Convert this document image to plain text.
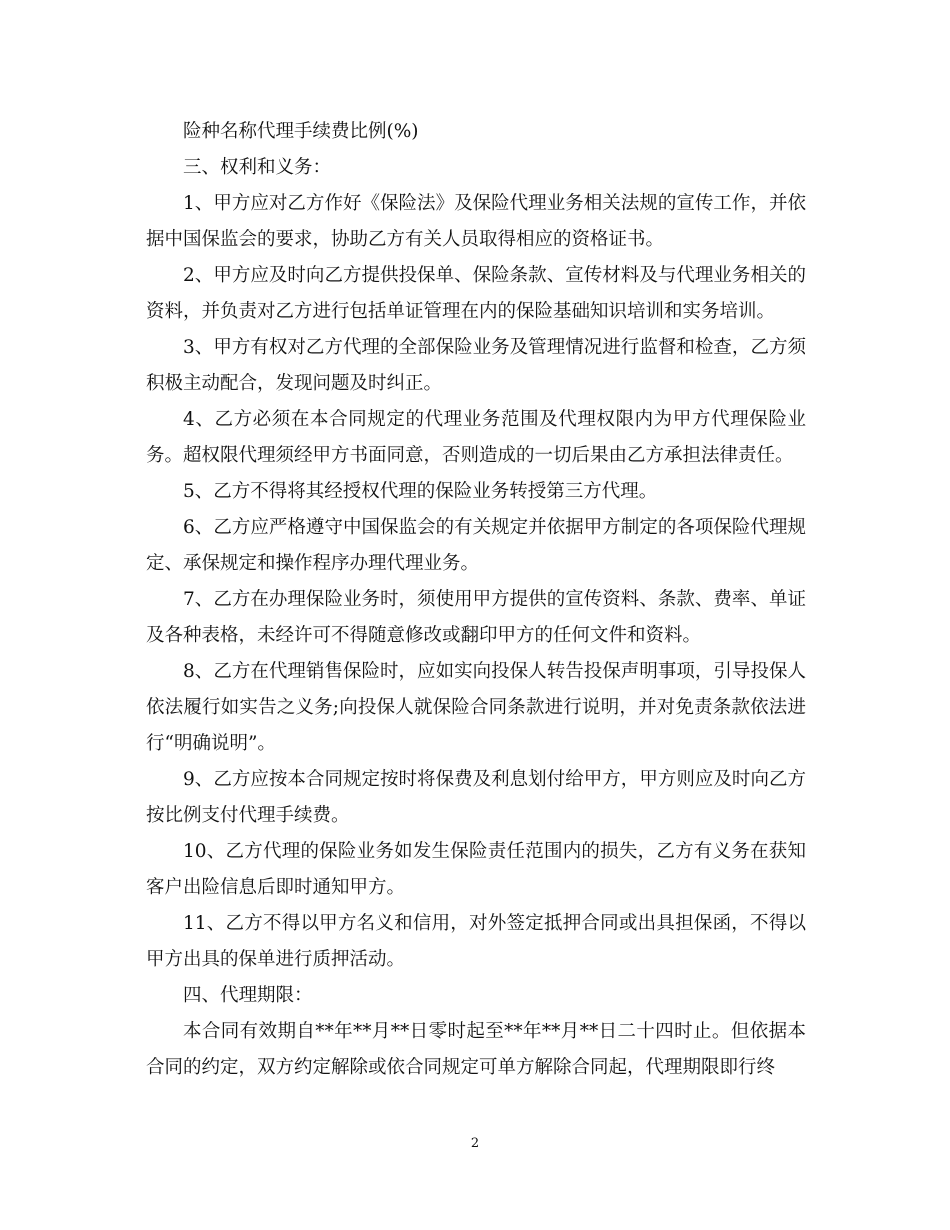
险种名称代理手续费比例(%)

三、权利和义务：

1、甲方应对乙方作好《保险法》及保险代理业务相关法规的宣传工作，并依据中国保监会的要求，协助乙方有关人员取得相应的资格证书。

2、甲方应及时向乙方提供投保单、保险条款、宣传材料及与代理业务相关的资料，并负责对乙方进行包括单证管理在内的保险基础知识培训和实务培训。

3、甲方有权对乙方代理的全部保险业务及管理情况进行监督和检查，乙方须积极主动配合，发现问题及时纠正。

4、乙方必须在本合同规定的代理业务范围及代理权限内为甲方代理保险业务。超权限代理须经甲方书面同意，否则造成的一切后果由乙方承担法律责任。

5、乙方不得将其经授权代理的保险业务转授第三方代理。

6、乙方应严格遵守中国保监会的有关规定并依据甲方制定的各项保险代理规定、承保规定和操作程序办理代理业务。

7、乙方在办理保险业务时，须使用甲方提供的宣传资料、条款、费率、单证及各种表格，未经许可不得随意修改或翻印甲方的任何文件和资料。

8、乙方在代理销售保险时，应如实向投保人转告投保声明事项，引导投保人依法履行如实告之义务;向投保人就保险合同条款进行说明，并对免责条款依法进行“明确说明”。

9、乙方应按本合同规定按时将保费及利息划付给甲方，甲方则应及时向乙方按比例支付代理手续费。

10、乙方代理的保险业务如发生保险责任范围内的损失，乙方有义务在获知客户出险信息后即时通知甲方。

11、乙方不得以甲方名义和信用，对外签定抵押合同或出具担保函，不得以甲方出具的保单进行质押活动。

四、代理期限：

本合同有效期自**年**月**日零时起至**年**月**日二十四时止。但依据本合同的约定，双方约定解除或依合同规定可单方解除合同起，代理期限即行终

2
